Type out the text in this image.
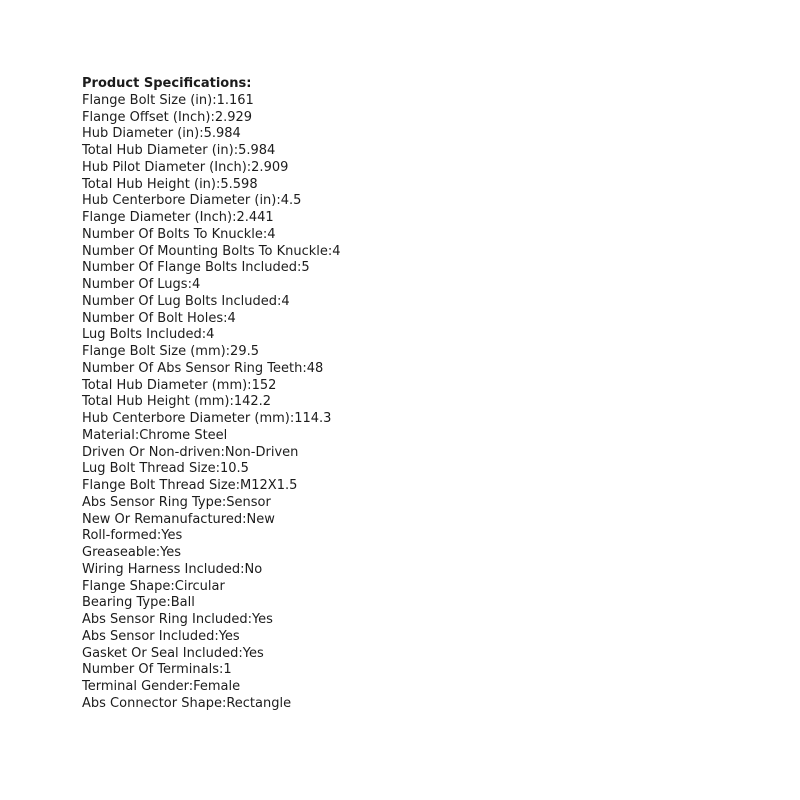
Product Specifications:
Flange Bolt Size (in):1.161
Flange Offset (Inch):2.929
Hub Diameter (in):5.984
Total Hub Diameter (in):5.984
Hub Pilot Diameter (Inch):2.909
Total Hub Height (in):5.598
Hub Centerbore Diameter (in):4.5
Flange Diameter (Inch):2.441
Number Of Bolts To Knuckle:4
Number Of Mounting Bolts To Knuckle:4
Number Of Flange Bolts Included:5
Number Of Lugs:4
Number Of Lug Bolts Included:4
Number Of Bolt Holes:4
Lug Bolts Included:4
Flange Bolt Size (mm):29.5
Number Of Abs Sensor Ring Teeth:48
Total Hub Diameter (mm):152
Total Hub Height (mm):142.2
Hub Centerbore Diameter (mm):114.3
Material:Chrome Steel
Driven Or Non-driven:Non-Driven
Lug Bolt Thread Size:10.5
Flange Bolt Thread Size:M12X1.5
Abs Sensor Ring Type:Sensor
New Or Remanufactured:New
Roll-formed:Yes
Greaseable:Yes
Wiring Harness Included:No
Flange Shape:Circular
Bearing Type:Ball
Abs Sensor Ring Included:Yes
Abs Sensor Included:Yes
Gasket Or Seal Included:Yes
Number Of Terminals:1
Terminal Gender:Female
Abs Connector Shape:Rectangle
